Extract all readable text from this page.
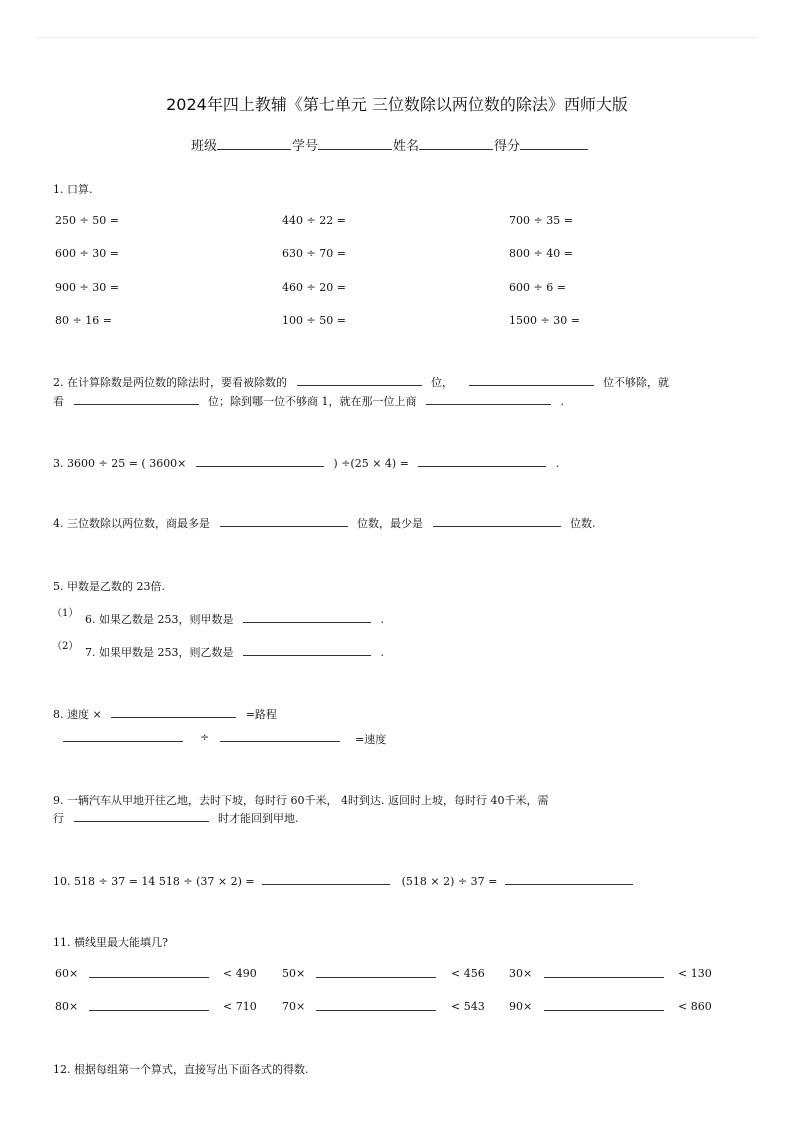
2024年四上教辅《第七单元 三位数除以两位数的除法》西师大版
班级	学号	姓名	得分
1. 口算.
250 ÷ 50 =	440 ÷ 22 =	700 ÷ 35 =
600 ÷ 30 =	630 ÷ 70 =	800 ÷ 40 =
900 ÷ 30 =	460 ÷ 20 =	600 ÷ 6 =
80 ÷ 16 =	100 ÷ 50 =	1500 ÷ 30 =
2. 在计算除数是两位数的除法时，要看被除数的	位，	位不够除，就
看	位；除到哪一位不够商 1，就在那一位上商	.
3. 3600 ÷ 25 = ( 3600×	) ÷(25 × 4) =	.
4. 三位数除以两位数，商最多是	位数，最少是	位数.
5. 甲数是乙数的 23倍.
（1） 6. 如果乙数是 253，则甲数是	.
（2） 7. 如果甲数是 253，则乙数是	.
8. 速度 ×	=路程
÷	=速度
9. 一辆汽车从甲地开往乙地，去时下坡，每时行 60千米， 4时到达. 返回时上坡，每时行 40千米，需
行	时才能回到甲地.
10. 518 ÷ 37 = 14 518 ÷ (37 × 2) =	(518 × 2) ÷ 37 =
11. 横线里最大能填几?
60×	< 490 50×	< 456 30×	< 130
80×	< 710 70×	< 543 90×	< 860
12. 根据每组第一个算式，直接写出下面各式的得数.
